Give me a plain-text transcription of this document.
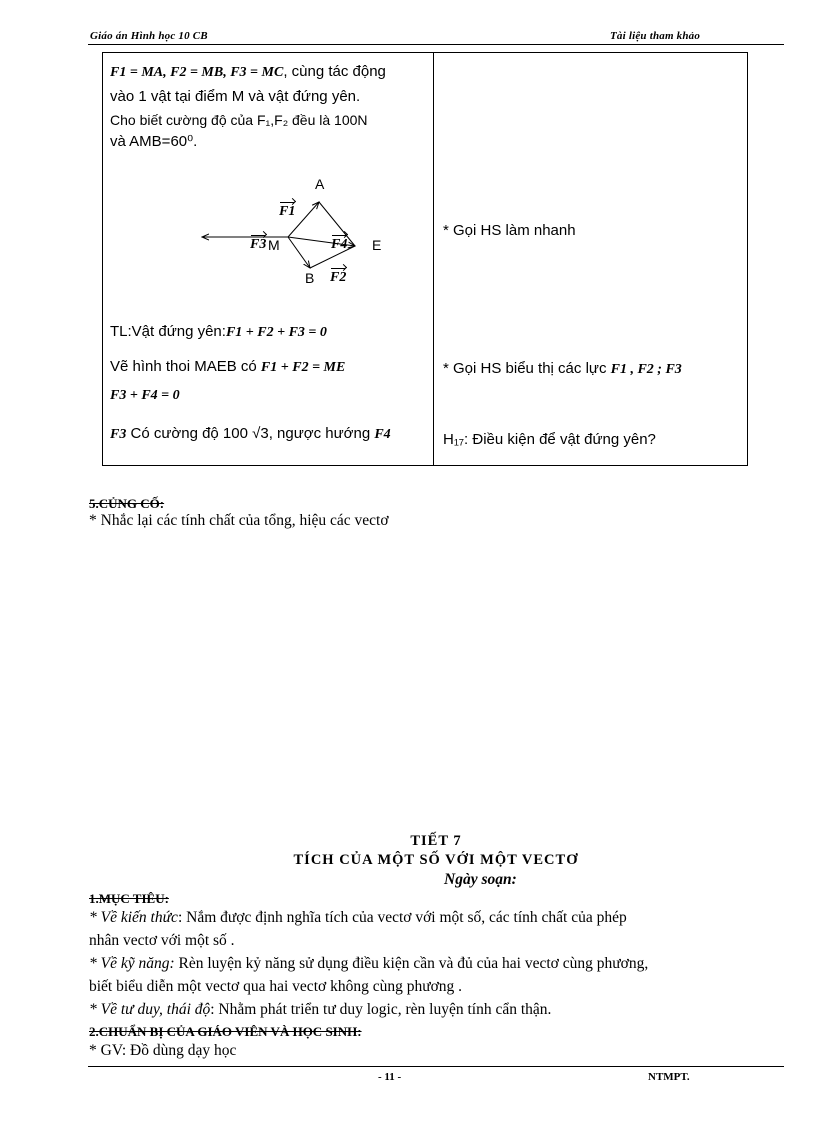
Giáo án Hình học 10 CB	Tài liệu tham khảo
F1 = MA, F2 = MB, F3 = MC, cùng tác động
vào 1 vật tại điểm M và vật đứng yên.
Cho biết cường độ của F₁,F₂ đều là 100N
và AMB=60⁰.
A
B
M	E
F1
F3	F4
F2
TL:Vật đứng yên:F1 + F2 + F3 = 0
Vẽ hình thoi MAEB có F1 + F2 = ME
F3 + F4 = 0
F3 Có cường độ 100 √3, ngược hướng F4
* Gọi HS làm nhanh
* Gọi HS biểu thị các lực F1 , F2 ; F3
H₁₇: Điều kiện để vật đứng yên?
5.CỦNG CỐ:
* Nhắc lại các tính chất của tổng, hiệu các vectơ
TIẾT 7
TÍCH CỦA MỘT SỐ VỚI MỘT VECTƠ
Ngày soạn:
1.MỤC TIÊU:
* Về kiến thức: Nắm được định nghĩa tích của vectơ với một số, các tính chất của phép
nhân vectơ với một số .
* Về kỹ năng: Rèn luyện kỷ năng sử dụng điều kiện cần và đủ của hai vectơ cùng phương,
biết biểu diễn một vectơ qua hai vectơ không cùng phương .
* Về tư duy, thái độ: Nhằm phát triển tư duy logic, rèn luyện tính cẩn thận.
2.CHUẨN BỊ CỦA GIÁO VIÊN VÀ HỌC SINH:
* GV: Đồ dùng dạy học
- 11 -	NTMPT.
